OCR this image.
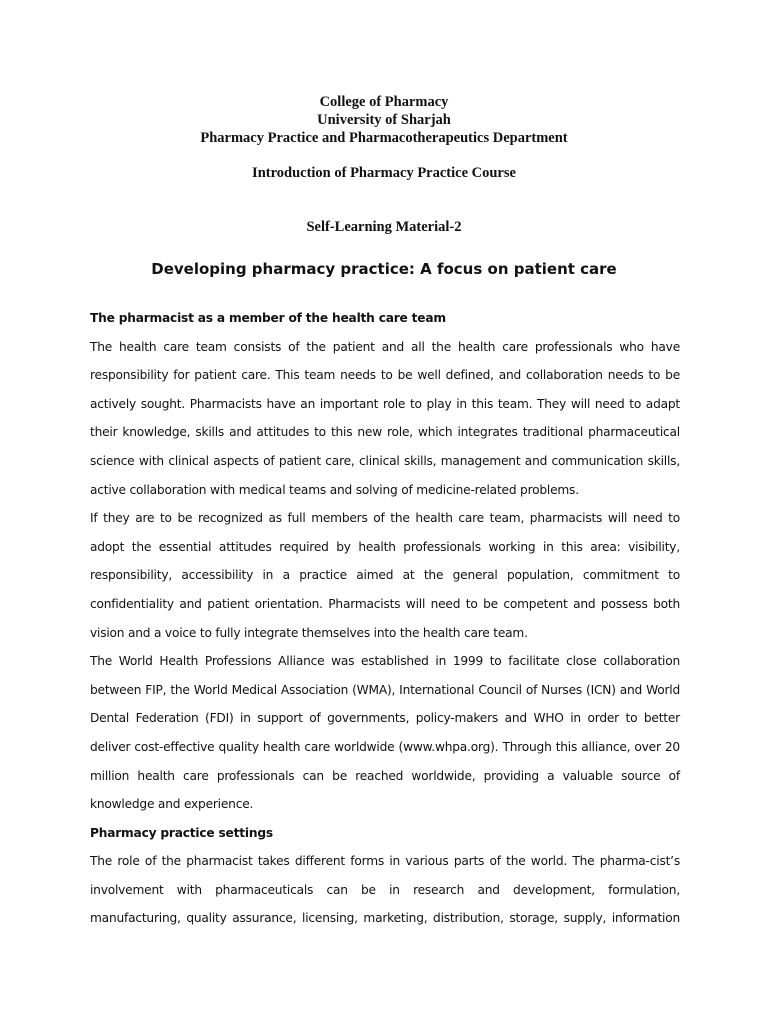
College of Pharmacy
University of Sharjah
Pharmacy Practice and Pharmacotherapeutics Department
Introduction of Pharmacy Practice Course
Self-Learning Material-2
Developing pharmacy practice: A focus on patient care

The pharmacist as a member of the health care team

The health care team consists of the patient and all the health care professionals who have responsibility for patient care. This team needs to be well defined, and collaboration needs to be actively sought. Pharmacists have an important role to play in this team. They will need to adapt their knowledge, skills and attitudes to this new role, which integrates traditional pharmaceutical science with clinical aspects of patient care, clinical skills, management and communication skills, active collaboration with medical teams and solving of medicine-related problems.

If they are to be recognized as full members of the health care team, pharmacists will need to adopt the essential attitudes required by health professionals working in this area: visibility, responsibility, accessibility in a practice aimed at the general population, commitment to confidentiality and patient orientation. Pharmacists will need to be competent and possess both vision and a voice to fully integrate themselves into the health care team.

The World Health Professions Alliance was established in 1999 to facilitate close collaboration between FIP, the World Medical Association (WMA), International Council of Nurses (ICN) and World Dental Federation (FDI) in support of governments, policy-makers and WHO in order to better deliver cost-effective quality health care worldwide (www.whpa.org). Through this alliance, over 20 million health care professionals can be reached worldwide, providing a valuable source of knowledge and experience.

Pharmacy practice settings

The role of the pharmacist takes different forms in various parts of the world. The pharma-cist’s involvement with pharmaceuticals can be in research and development, formulation, manufacturing, quality assurance, licensing, marketing, distribution, storage, supply, information
